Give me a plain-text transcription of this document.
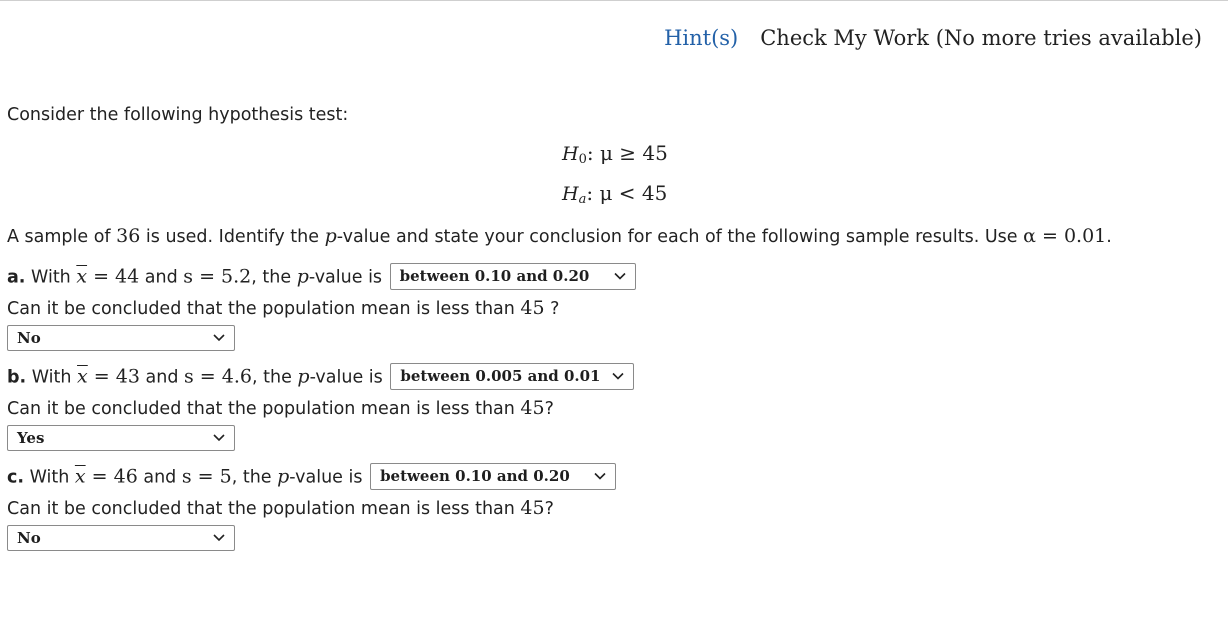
Hint(s) Check My Work (No more tries available)
Consider the following hypothesis test:
$H_0$: μ ≥ 45
$H_a$: μ < 45
A sample of 36 is used. Identify the p-value and state your conclusion for each of the following sample results. Use α = 0.01.
a. With $\overline{x} = 44$ and s = 5.2, the p-value is between 0.10 and 0.20
Can it be concluded that the population mean is less than 45 ?
No
b. With $\overline{x} = 43$ and s = 4.6, the p-value is between 0.005 and 0.01
Can it be concluded that the population mean is less than 45?
Yes
c. With $\overline{x} = 46$ and s = 5, the p-value is between 0.10 and 0.20
Can it be concluded that the population mean is less than 45?
No
